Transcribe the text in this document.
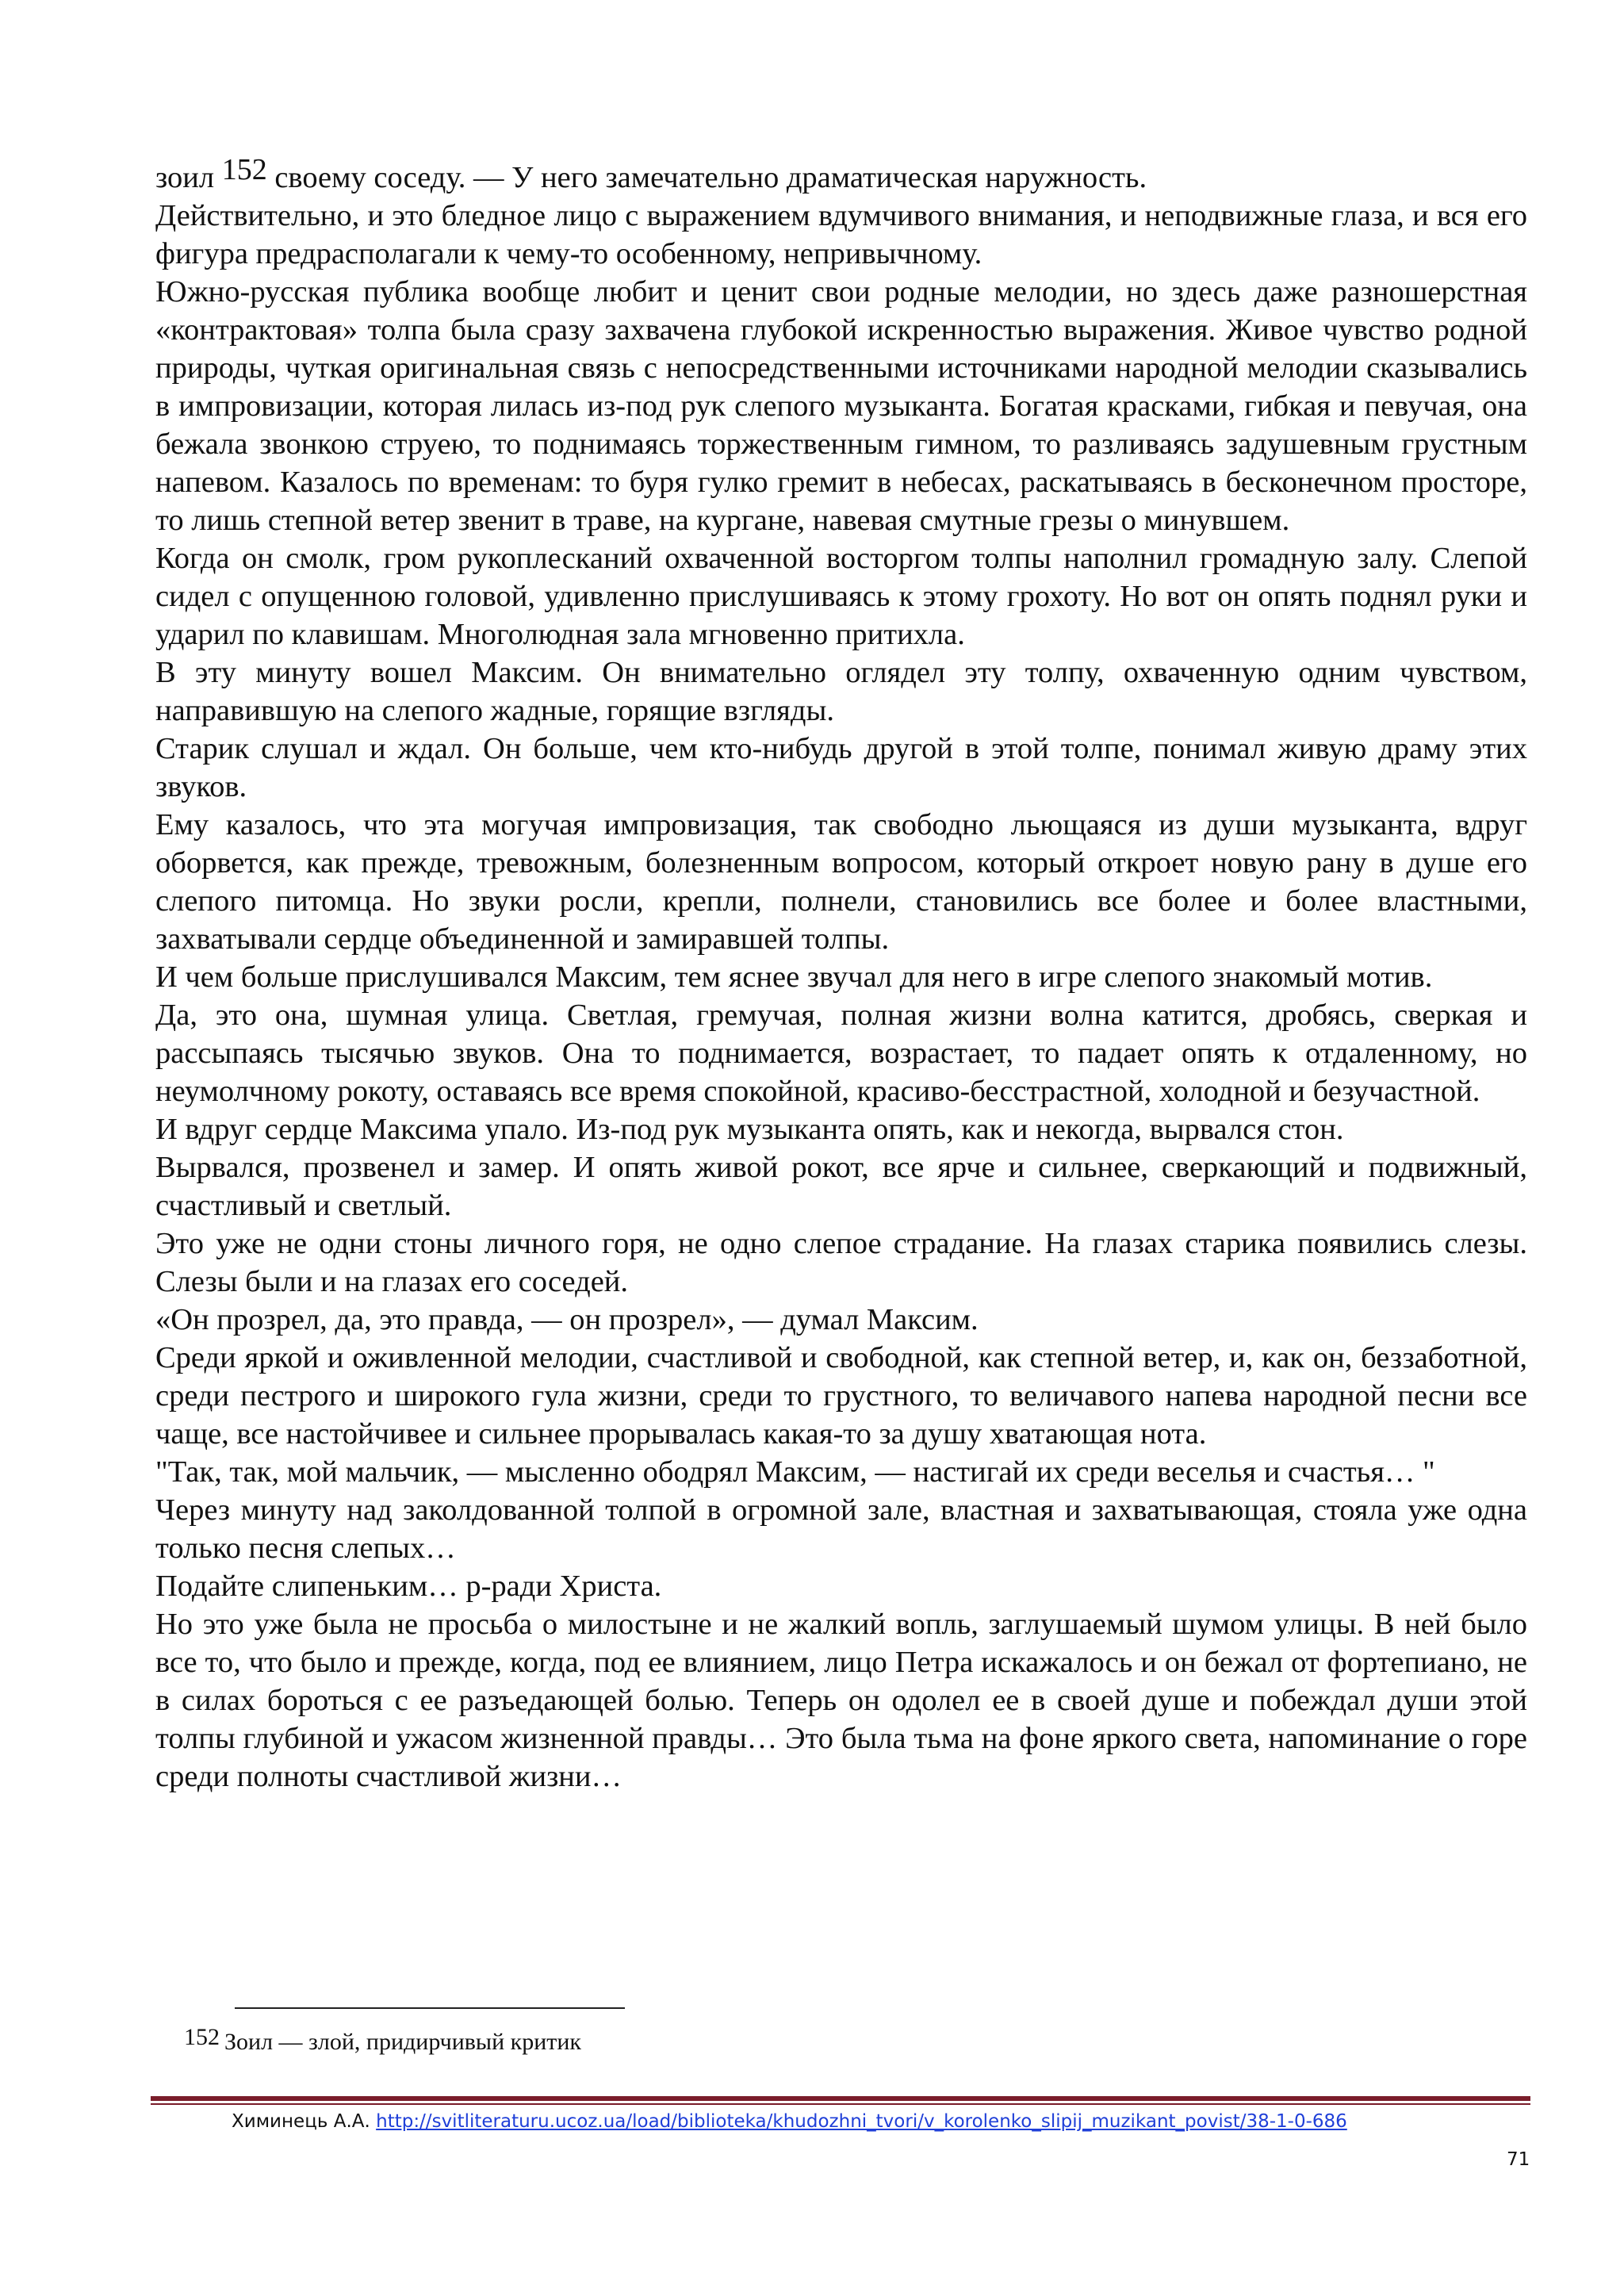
зоил 152 своему соседу. — У него замечательно драматическая наружность.

Действительно, и это бледное лицо с выражением вдумчивого внимания, и неподвижные глаза, и вся его фигура предрасполагали к чему-то особенному, непривычному.

Южно-русская публика вообще любит и ценит свои родные мелодии, но здесь даже разношерстная «контрактовая» толпа была сразу захвачена глубокой искренностью выражения. Живое чувство родной природы, чуткая оригинальная связь с непосредственными источниками народной мелодии сказывались в импровизации, которая лилась из-под рук слепого музыканта. Богатая красками, гибкая и певучая, она бежала звонкою струею, то поднимаясь торжественным гимном, то разливаясь задушевным грустным напевом. Казалось по временам: то буря гулко гремит в небесах, раскатываясь в бесконечном просторе, то лишь степной ветер звенит в траве, на кургане, навевая смутные грезы о минувшем.

Когда он смолк, гром рукоплесканий охваченной восторгом толпы наполнил громадную залу. Слепой сидел с опущенною головой, удивленно прислушиваясь к этому грохоту. Но вот он опять поднял руки и ударил по клавишам. Многолюдная зала мгновенно притихла.

В эту минуту вошел Максим. Он внимательно оглядел эту толпу, охваченную одним чувством, направившую на слепого жадные, горящие взгляды.

Старик слушал и ждал. Он больше, чем кто-нибудь другой в этой толпе, понимал живую драму этих звуков.

Ему казалось, что эта могучая импровизация, так свободно льющаяся из души музыканта, вдруг оборвется, как прежде, тревожным, болезненным вопросом, который откроет новую рану в душе его слепого питомца. Но звуки росли, крепли, полнели, становились все более и более властными, захватывали сердце объединенной и замиравшей толпы.

И чем больше прислушивался Максим, тем яснее звучал для него в игре слепого знакомый мотив.

Да, это она, шумная улица. Светлая, гремучая, полная жизни волна катится, дробясь, сверкая и рассыпаясь тысячью звуков. Она то поднимается, возрастает, то падает опять к отдаленному, но неумолчному рокоту, оставаясь все время спокойной, красиво-бесстрастной, холодной и безучастной.

И вдруг сердце Максима упало. Из-под рук музыканта опять, как и некогда, вырвался стон.

Вырвался, прозвенел и замер. И опять живой рокот, все ярче и сильнее, сверкающий и подвижный, счастливый и светлый.

Это уже не одни стоны личного горя, не одно слепое страдание. На глазах старика появились слезы. Слезы были и на глазах его соседей.

«Он прозрел, да, это правда, — он прозрел», — думал Максим.

Среди яркой и оживленной мелодии, счастливой и свободной, как степной ветер, и, как он, беззаботной, среди пестрого и широкого гула жизни, среди то грустного, то величавого напева народной песни все чаще, все настойчивее и сильнее прорывалась какая-то за душу хватающая нота.

"Так, так, мой мальчик, — мысленно ободрял Максим, — настигай их среди веселья и счастья… "

Через минуту над заколдованной толпой в огромной зале, властная и захватывающая, стояла уже одна только песня слепых…

Подайте слипеньким… р-ради Христа.

Но это уже была не просьба о милостыне и не жалкий вопль, заглушаемый шумом улицы. В ней было все то, что было и прежде, когда, под ее влиянием, лицо Петра искажалось и он бежал от фортепиано, не в силах бороться с ее разъедающей болью. Теперь он одолел ее в своей душе и побеждал души этой толпы глубиной и ужасом жизненной правды… Это была тьма на фоне яркого света, напоминание о горе среди полноты счастливой жизни…

152 Зоил — злой, придирчивый критик
Химинець А.А. http://svitliteraturu.ucoz.ua/load/biblioteka/khudozhni_tvori/v_korolenko_slipij_muzikant_povist/38-1-0-686
71
